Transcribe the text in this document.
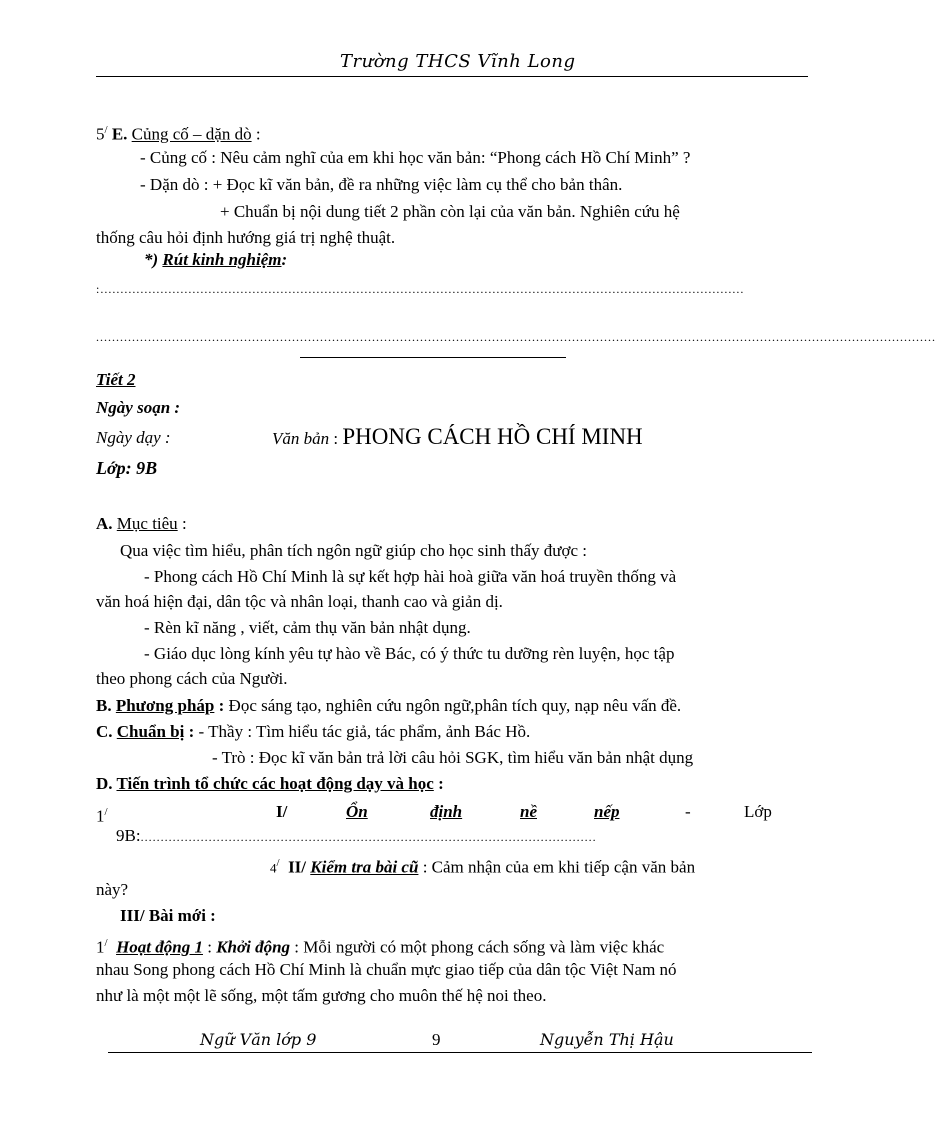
Trường THCS Vĩnh Long
5/ E. Củng cố – dặn dò :
- Củng cố : Nêu cảm nghĩ của em khi học văn bản: “Phong cách Hồ Chí Minh” ?
- Dặn dò : + Đọc kĩ văn bản, đề ra những việc làm cụ thể cho bản thân.
+ Chuẩn bị nội dung tiết 2 phần còn lại của văn bản. Nghiên cứu hệ
thống câu hỏi định hướng giá trị nghệ thuật.
*) Rút kinh nghiệm:
:.................................................................................................................................................................
..................................................................................................................................................................................................................
Tiết 2
Ngày soạn :
Ngày dạy :	Văn bản : PHONG CÁCH HỒ CHÍ MINH
Lớp: 9B
A. Mục tiêu :
Qua việc tìm hiểu, phân tích ngôn ngữ giúp cho học sinh thấy được :
- Phong cách Hồ Chí Minh là sự kết hợp hài hoà giữa văn hoá truyền thống và
văn hoá hiện đại, dân tộc và nhân loại, thanh cao và giản dị.
- Rèn kĩ năng , viết, cảm thụ văn bản nhật dụng.
- Giáo dục lòng kính yêu tự hào về Bác, có ý thức tu dưỡng rèn luyện, học tập
theo phong cách của Người.
B. Phương pháp : Đọc sáng tạo, nghiên cứu ngôn ngữ,phân tích quy, nạp nêu vấn đề.
C. Chuẩn bị : - Thầy : Tìm hiểu tác giả, tác phẩm, ảnh Bác Hồ.
- Trò : Đọc kĩ văn bản trả lời câu hỏi SGK, tìm hiểu văn bản nhật dụng
D. Tiến trình tổ chức các hoạt động dạy và học :
1/	I/	Ổn	định	nề	nếp	-	Lớp
9B:..................................................................................................................
4/ II/ Kiểm tra bài cũ : Cảm nhận của em khi tiếp cận văn bản
này?
III/ Bài mới :
1/ Hoạt động 1 : Khởi động : Mỗi người có một phong cách sống và làm việc khác
nhau Song phong cách Hồ Chí Minh là chuẩn mực giao tiếp của dân tộc Việt Nam nó
như là một một lẽ sống, một tấm gương cho muôn thế hệ noi theo.
Ngữ Văn lớp 9	9	Nguyễn Thị Hậu
